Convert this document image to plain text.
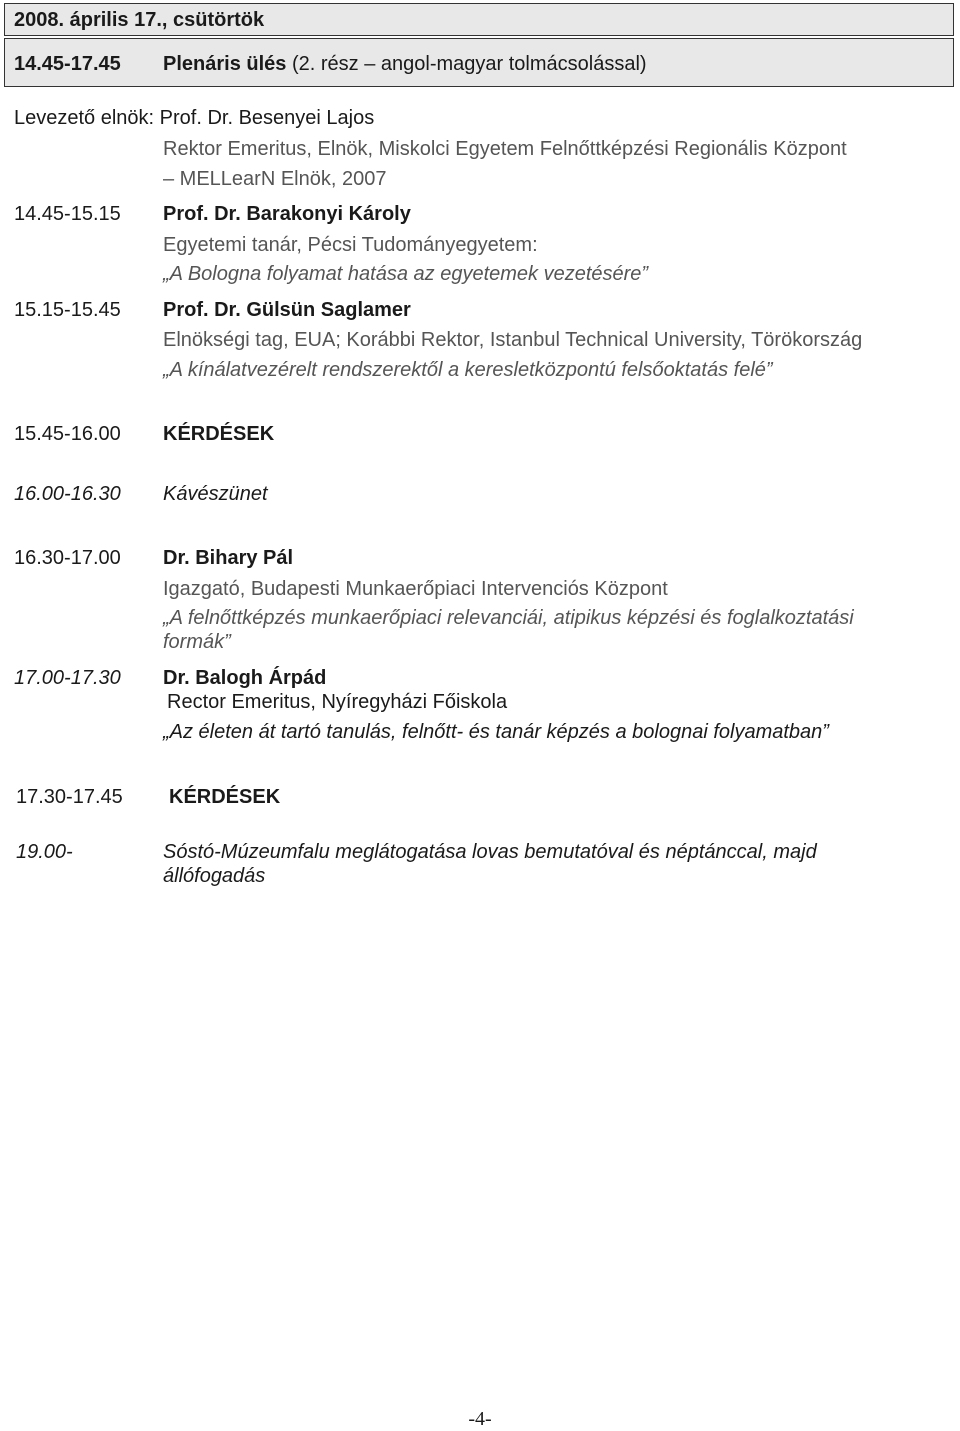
2008. április 17., csütörtök
14.45-17.45 Plenáris ülés (2. rész – angol-magyar tolmácsolással)
Levezető elnök: Prof. Dr. Besenyei Lajos
Rektor Emeritus, Elnök, Miskolci Egyetem Felnőttképzési Regionális Központ
– MELLearN Elnök, 2007
14.45-15.15 Prof. Dr. Barakonyi Károly
Egyetemi tanár, Pécsi Tudományegyetem:
„A Bologna folyamat hatása az egyetemek vezetésére”
15.15-15.45 Prof. Dr. Gülsün Saglamer
Elnökségi tag, EUA; Korábbi Rektor, Istanbul Technical University, Törökország
„A kínálatvezérelt rendszerektől a keresletközpontú felsőoktatás felé”
15.45-16.00 KÉRDÉSEK
16.00-16.30 Kávészünet
16.30-17.00 Dr. Bihary Pál
Igazgató, Budapesti Munkaerőpiaci Intervenciós Központ
„A felnőttképzés munkaerőpiaci relevanciái, atipikus képzési és foglalkoztatási
formák”
17.00-17.30 Dr. Balogh Árpád
Rector Emeritus, Nyíregyházi Főiskola
„Az életen át tartó tanulás, felnőtt- és tanár képzés a bolognai folyamatban”
17.30-17.45 KÉRDÉSEK
19.00-	Sóstó-Múzeumfalu meglátogatása lovas bemutatóval és néptánccal, majd
állófogadás
-4-
